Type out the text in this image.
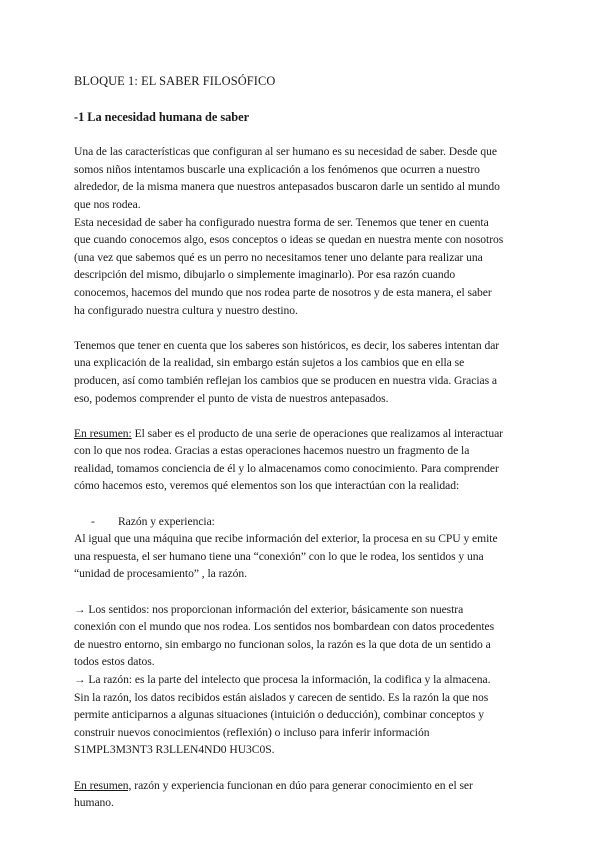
BLOQUE 1: EL SABER FILOSÓFICO
-1 La necesidad humana de saber
Una de las características que configuran al ser humano es su necesidad de saber. Desde que
somos niños intentamos buscarle una explicación a los fenómenos que ocurren a nuestro
alrededor, de la misma manera que nuestros antepasados buscaron darle un sentido al mundo
que nos rodea.
Esta necesidad de saber ha configurado nuestra forma de ser. Tenemos que tener en cuenta
que cuando conocemos algo, esos conceptos o ideas se quedan en nuestra mente con nosotros
(una vez que sabemos qué es un perro no necesitamos tener uno delante para realizar una
descripción del mismo, dibujarlo o simplemente imaginarlo). Por esa razón cuando
conocemos, hacemos del mundo que nos rodea parte de nosotros y de esta manera, el saber
ha configurado nuestra cultura y nuestro destino.
Tenemos que tener en cuenta que los saberes son históricos, es decir, los saberes intentan dar
una explicación de la realidad, sin embargo están sujetos a los cambios que en ella se
producen, así como también reflejan los cambios que se producen en nuestra vida. Gracias a
eso, podemos comprender el punto de vista de nuestros antepasados.
En resumen: El saber es el producto de una serie de operaciones que realizamos al interactuar
con lo que nos rodea. Gracias a estas operaciones hacemos nuestro un fragmento de la
realidad, tomamos conciencia de él y lo almacenamos como conocimiento. Para comprender
cómo hacemos esto, veremos qué elementos son los que interactúan con la realidad:
-	Razón y experiencia:
Al igual que una máquina que recibe información del exterior, la procesa en su CPU y emite
una respuesta, el ser humano tiene una “conexión” con lo que le rodea, los sentidos y una
“unidad de procesamiento” , la razón.
→ Los sentidos: nos proporcionan información del exterior, básicamente son nuestra
conexión con el mundo que nos rodea. Los sentidos nos bombardean con datos procedentes
de nuestro entorno, sin embargo no funcionan solos, la razón es la que dota de un sentido a
todos estos datos.
→ La razón: es la parte del intelecto que procesa la información, la codifica y la almacena.
Sin la razón, los datos recibidos están aislados y carecen de sentido. Es la razón la que nos
permite anticiparnos a algunas situaciones (intuición o deducción), combinar conceptos y
construir nuevos conocimientos (reflexión) o incluso para inferir información
S1MPL3M3NT3 R3LLEN4ND0 HU3C0S.
En resumen, razón y experiencia funcionan en dúo para generar conocimiento en el ser
humano.
